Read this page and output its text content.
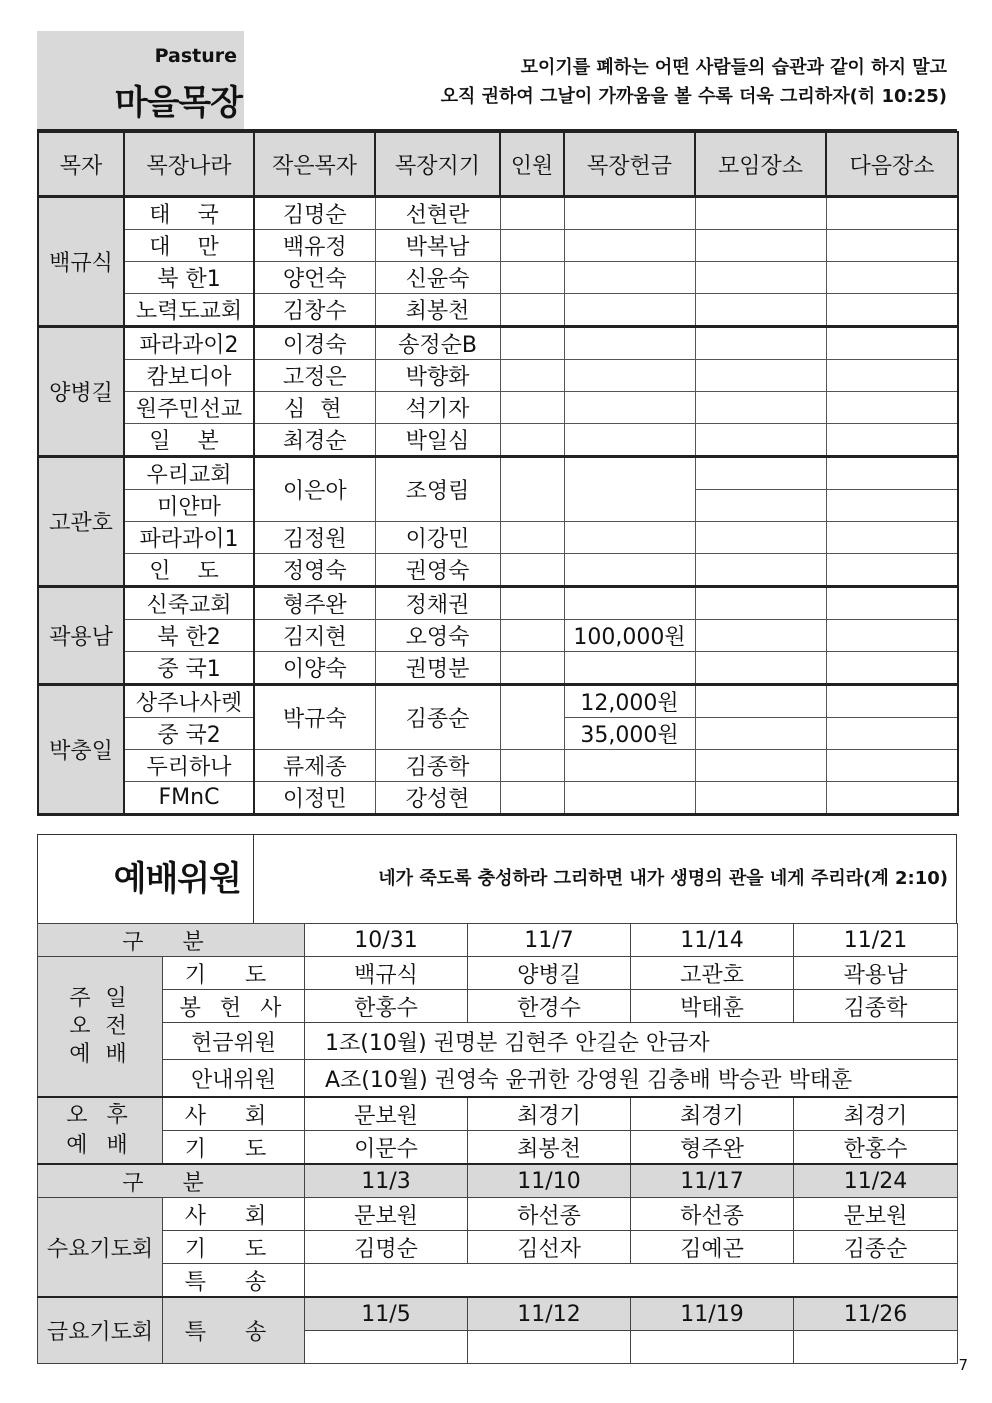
Pasture
마을목장
모이기를 폐하는 어떤 사람들의 습관과 같이 하지 말고
오직 권하여 그날이 가까움을 볼 수록 더욱 그리하자(히 10:25)
목자	목장나라	작은목자	목장지기	인원	목장헌금	모임장소	다음장소
백규식	태 국	김명순	선현란				
	대 만	백유정	박복남				
	북 한1	양언숙	신윤숙				
	노력도교회	김창수	최봉천				
양병길	파라과이2	이경숙	송정순B				
	캄보디아	고정은	박향화				
	원주민선교	심 현	석기자				
	일 본	최경순	박일심				
고관호	우리교회	이은아	조영림				
	미얀마						
	파라과이1	김정원	이강민				
	인 도	정영숙	권영숙				
곽용남	신죽교회	형주완	정채권				
	북 한2	김지현	오영숙		100,000원		
	중 국1	이양숙	권명분				
박충일	상주나사렛	박규숙	김종순		12,000원		
	중 국2				35,000원		
	두리하나	류제종	김종학				
	FMnC	이정민	강성현				
예배위원	네가 죽도록 충성하라 그리하면 내가 생명의 관을 네게 주리라(계 2:10)
구 분		10/31	11/7	11/14	11/21

주 일
오 전
예 배	기 도	백규식	양병길	고관호	곽용남
	봉 헌 사	한홍수	한경수	박태훈	김종학
	헌금위원	1조(10월) 권명분 김현주 안길순 안금자			
	안내위원	A조(10월) 권영숙 윤귀한 강영원 김충배 박승관 박태훈			

오 후
예 배	사 회	문보원	최경기	최경기	최경기
	기 도	이문수	최봉천	형주완	한홍수
구 분		11/3	11/10	11/17	11/24
수요기도회	사 회	문보원	하선종	하선종	문보원
	기 도	김명순	김선자	김예곤	김종순
	특 송				
금요기도회	특 송	11/5	11/12	11/19	11/26

7
